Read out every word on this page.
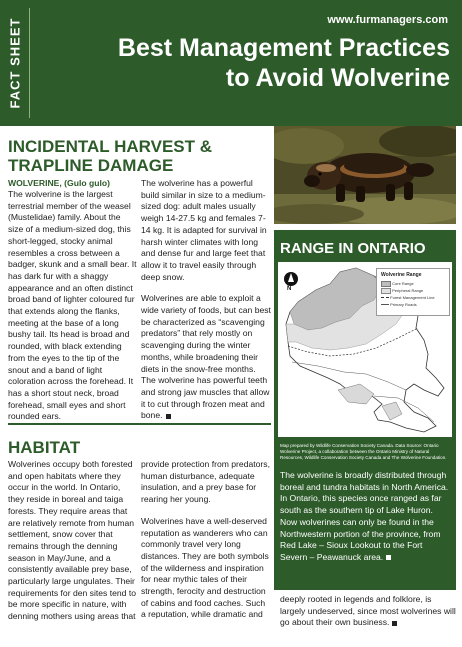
FACT SHEET	www.furmanagers.com
Best Management Practices
to Avoid Wolverine
INCIDENTAL HARVEST & TRAPLINE DAMAGE
WOLVERINE, (Gulo gulo)

The wolverine is the largest terrestrial member of the weasel (Mustelidae) family. About the size of a medium-sized dog, this short-legged, stocky animal resembles a cross between a badger, skunk and a small bear. It has dark fur with a shaggy appearance and an often distinct broad band of lighter coloured fur that extends along the flanks, meeting at the base of a long bushy tail. Its head is broad and rounded, with black extending from the eyes to the tip of the snout and a band of light coloration across the forehead. It has a short stout neck, broad forehead, small eyes and short rounded ears.

The wolverine has a powerful build similar in size to a medium-sized dog: adult males usually weigh 14-27.5 kg and females 7-14 kg. It is adapted for survival in harsh winter climates with long and dense fur and large feet that allow it to travel easily through deep snow.

Wolverines are able to exploit a wide variety of foods, but can best be characterized as “scavenging predators” that rely mostly on scavenging during the winter months, while broadening their diets in the snow-free months. The wolverine has powerful teeth and strong jaw muscles that allow it to cut through frozen meat and bone.

HABITAT

Wolverines occupy both forested and open habitats where they occur in the world. In Ontario, they reside in boreal and taiga forests. They require areas that are relatively remote from human settlement, snow cover that remains through the denning season in May/June, and a consistently available prey base, particularly large ungulates. Their requirements for den sites tend to be more specific in nature, with denning mothers using areas that

provide protection from predators, human disturbance, adequate insulation, and a prey base for rearing her young.

Wolverines have a well-deserved reputation as wanderers who can commonly travel very long distances. They are both symbols of the wilderness and inspiration for near mythic tales of their strength, ferocity and destruction of cabins and food caches. Such a reputation, while dramatic and

RANGE IN ONTARIO
N
Wolverine Range
Core Range
Peripheral Range
Forest Management Line
Primary Roads
Map prepared by Wildlife Conservation Society Canada. Data Source: Ontario Wolverine Project, a collaboration between the Ontario Ministry of Natural Resources, Wildlife Conservation Society Canada and The Wolverine Foundation.

The wolverine is broadly distributed through boreal and tundra habitats in North America. In Ontario, this species once ranged as far south as the southern tip of Lake Huron. Now wolverines can only be found in the Northwestern portion of the province, from Red Lake – Sioux Lookout to the Fort Severn – Peawanuck area.

deeply rooted in legends and folklore, is largely undeserved, since most wolverines will go about their own business.
